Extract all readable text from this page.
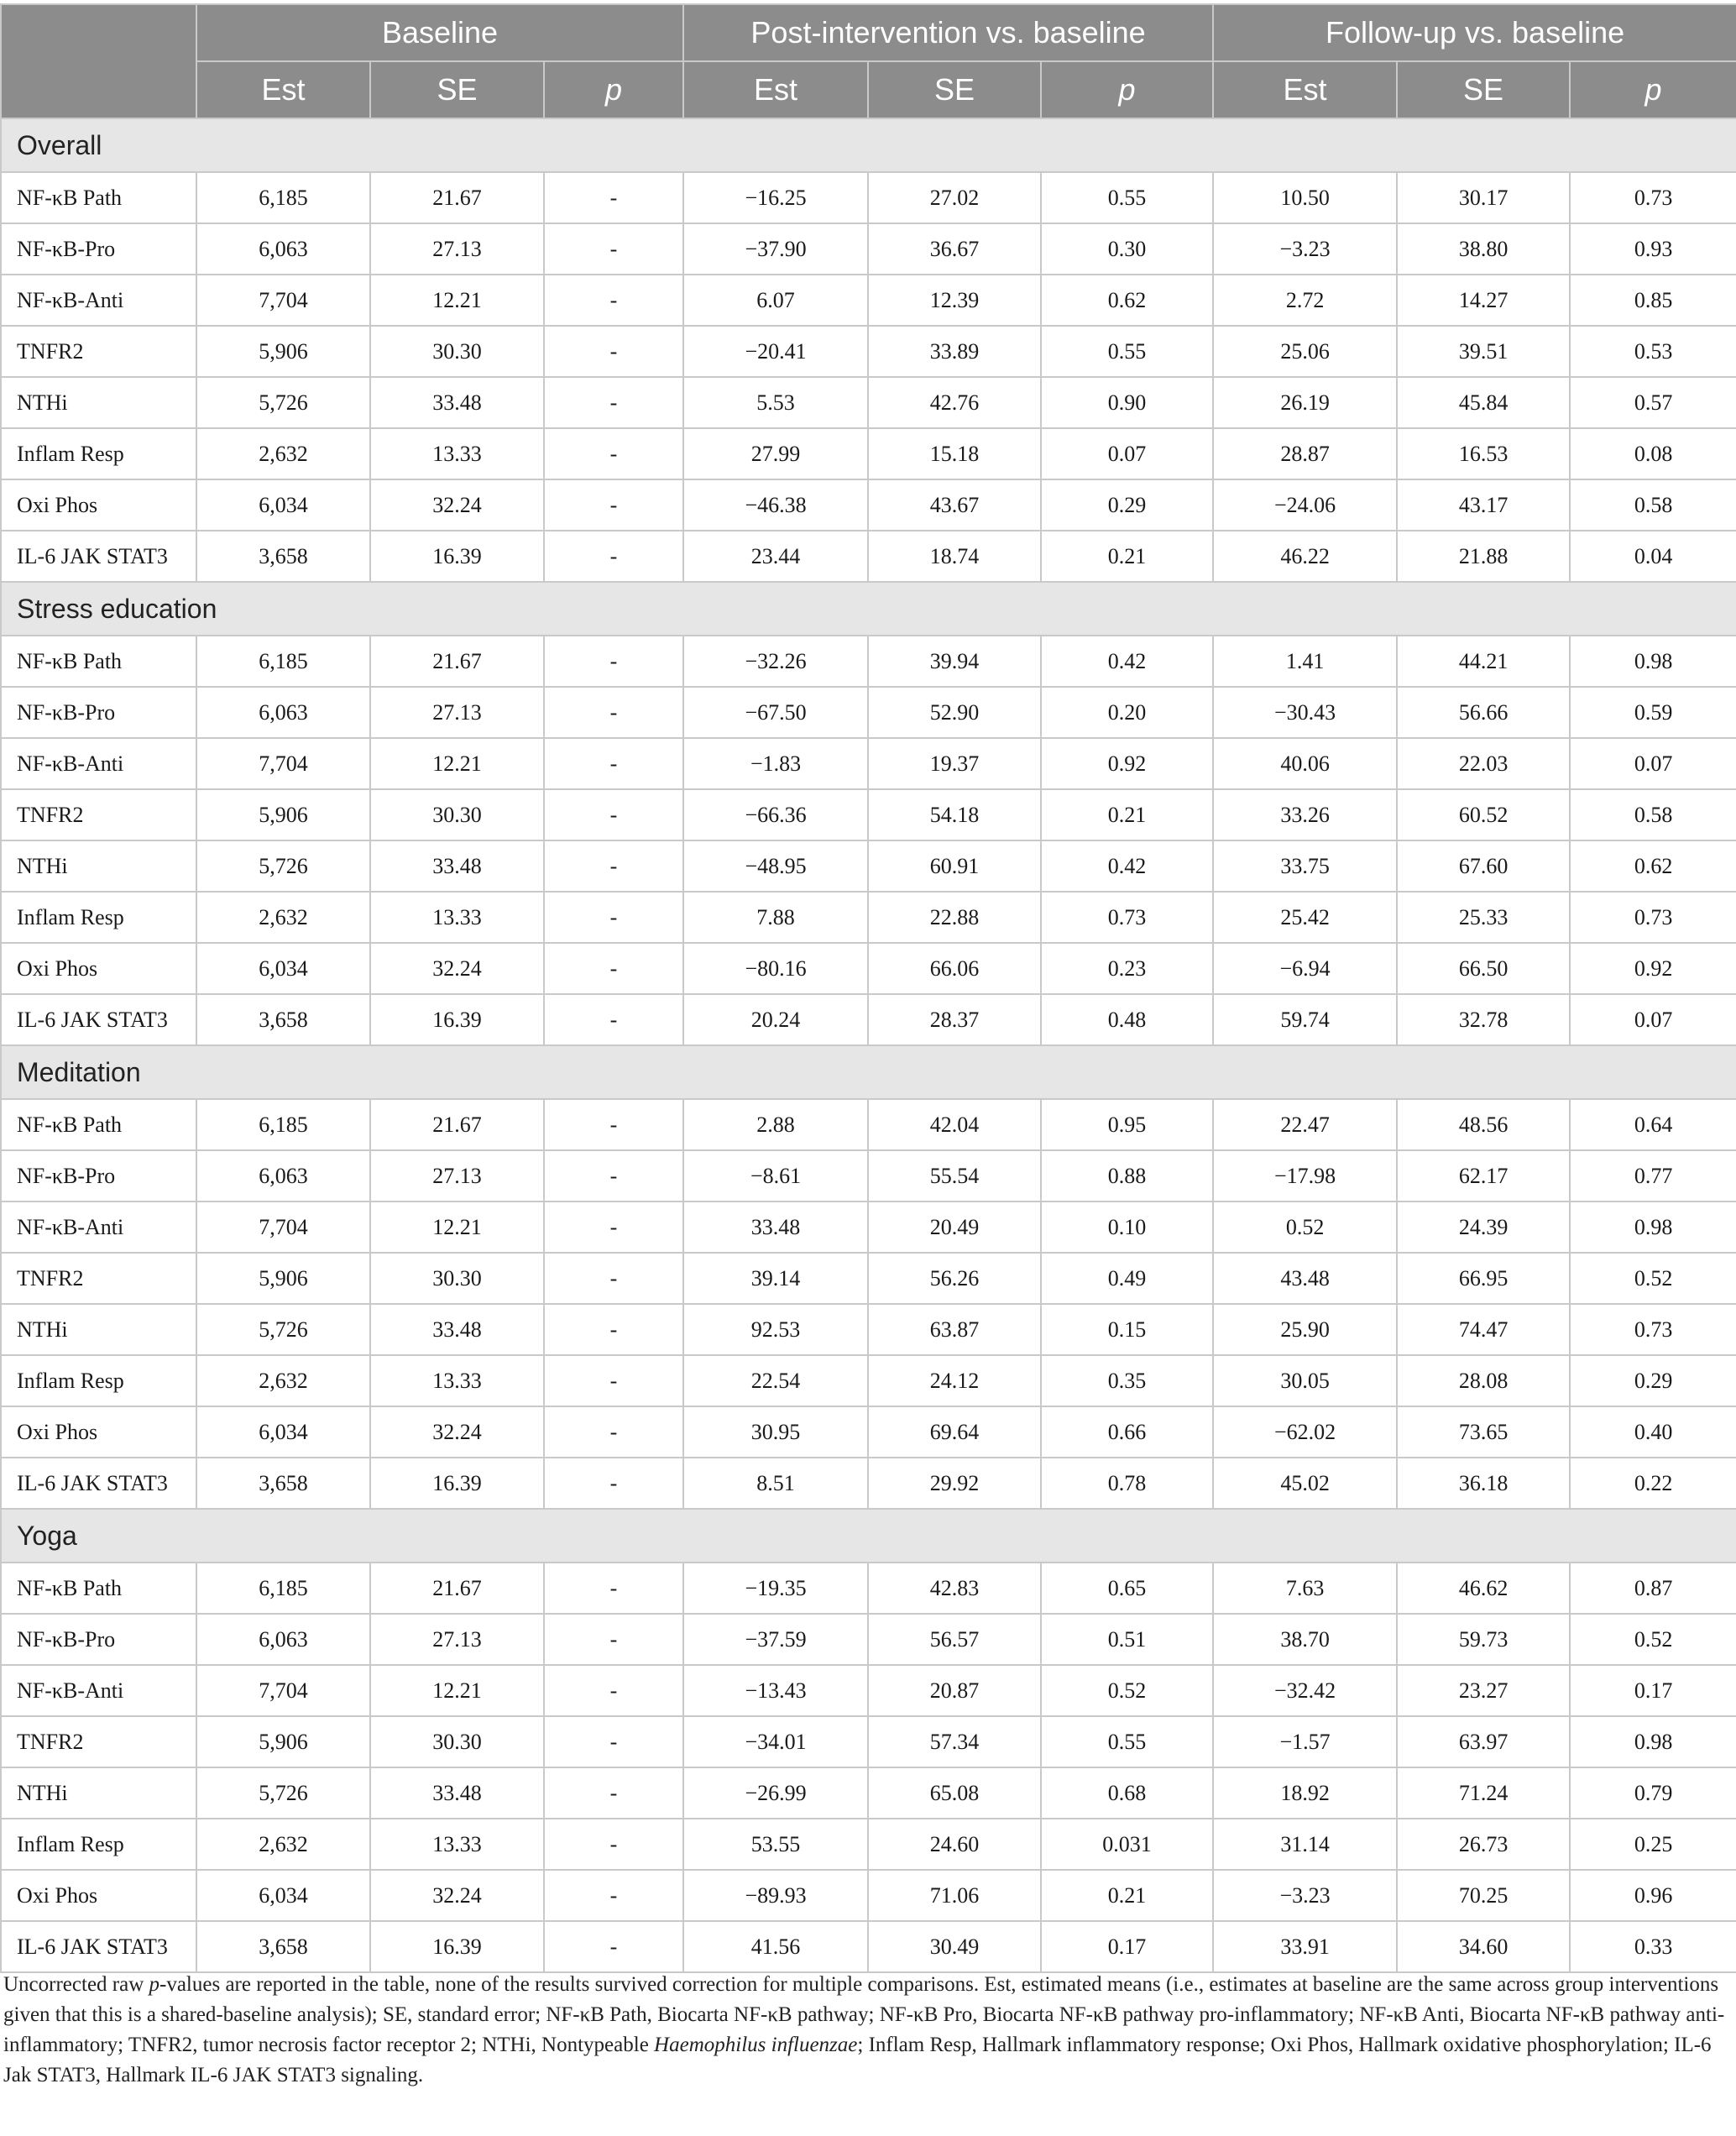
	Baseline			Post-intervention vs. baseline			Follow-up vs. baseline		
	Est	SE	p	Est	SE	p	Est	SE	p
Overall									
NF-κB Path	6,185	21.67	-	−16.25	27.02	0.55	10.50	30.17	0.73
NF-κB-Pro	6,063	27.13	-	−37.90	36.67	0.30	−3.23	38.80	0.93
NF-κB-Anti	7,704	12.21	-	6.07	12.39	0.62	2.72	14.27	0.85
TNFR2	5,906	30.30	-	−20.41	33.89	0.55	25.06	39.51	0.53
NTHi	5,726	33.48	-	5.53	42.76	0.90	26.19	45.84	0.57
Inflam Resp	2,632	13.33	-	27.99	15.18	0.07	28.87	16.53	0.08
Oxi Phos	6,034	32.24	-	−46.38	43.67	0.29	−24.06	43.17	0.58
IL-6 JAK STAT3	3,658	16.39	-	23.44	18.74	0.21	46.22	21.88	0.04
Stress education									
NF-κB Path	6,185	21.67	-	−32.26	39.94	0.42	1.41	44.21	0.98
NF-κB-Pro	6,063	27.13	-	−67.50	52.90	0.20	−30.43	56.66	0.59
NF-κB-Anti	7,704	12.21	-	−1.83	19.37	0.92	40.06	22.03	0.07
TNFR2	5,906	30.30	-	−66.36	54.18	0.21	33.26	60.52	0.58
NTHi	5,726	33.48	-	−48.95	60.91	0.42	33.75	67.60	0.62
Inflam Resp	2,632	13.33	-	7.88	22.88	0.73	25.42	25.33	0.73
Oxi Phos	6,034	32.24	-	−80.16	66.06	0.23	−6.94	66.50	0.92
IL-6 JAK STAT3	3,658	16.39	-	20.24	28.37	0.48	59.74	32.78	0.07
Meditation									
NF-κB Path	6,185	21.67	-	2.88	42.04	0.95	22.47	48.56	0.64
NF-κB-Pro	6,063	27.13	-	−8.61	55.54	0.88	−17.98	62.17	0.77
NF-κB-Anti	7,704	12.21	-	33.48	20.49	0.10	0.52	24.39	0.98
TNFR2	5,906	30.30	-	39.14	56.26	0.49	43.48	66.95	0.52
NTHi	5,726	33.48	-	92.53	63.87	0.15	25.90	74.47	0.73
Inflam Resp	2,632	13.33	-	22.54	24.12	0.35	30.05	28.08	0.29
Oxi Phos	6,034	32.24	-	30.95	69.64	0.66	−62.02	73.65	0.40
IL-6 JAK STAT3	3,658	16.39	-	8.51	29.92	0.78	45.02	36.18	0.22
Yoga									
NF-κB Path	6,185	21.67	-	−19.35	42.83	0.65	7.63	46.62	0.87
NF-κB-Pro	6,063	27.13	-	−37.59	56.57	0.51	38.70	59.73	0.52
NF-κB-Anti	7,704	12.21	-	−13.43	20.87	0.52	−32.42	23.27	0.17
TNFR2	5,906	30.30	-	−34.01	57.34	0.55	−1.57	63.97	0.98
NTHi	5,726	33.48	-	−26.99	65.08	0.68	18.92	71.24	0.79
Inflam Resp	2,632	13.33	-	53.55	24.60	0.031	31.14	26.73	0.25
Oxi Phos	6,034	32.24	-	−89.93	71.06	0.21	−3.23	70.25	0.96
IL-6 JAK STAT3	3,658	16.39	-	41.56	30.49	0.17	33.91	34.60	0.33
Uncorrected raw p-values are reported in the table, none of the results survived correction for multiple comparisons. Est, estimated means (i.e., estimates at baseline are the same across group interventions given that this is a shared-baseline analysis); SE, standard error; NF-κB Path, Biocarta NF-κB pathway; NF-κB Pro, Biocarta NF-κB pathway pro-inflammatory; NF-κB Anti, Biocarta NF-κB pathway anti-inflammatory; TNFR2, tumor necrosis factor receptor 2; NTHi, Nontypeable Haemophilus influenzae; Inflam Resp, Hallmark inflammatory response; Oxi Phos, Hallmark oxidative phosphorylation; IL-6 Jak STAT3, Hallmark IL-6 JAK STAT3 signaling.
